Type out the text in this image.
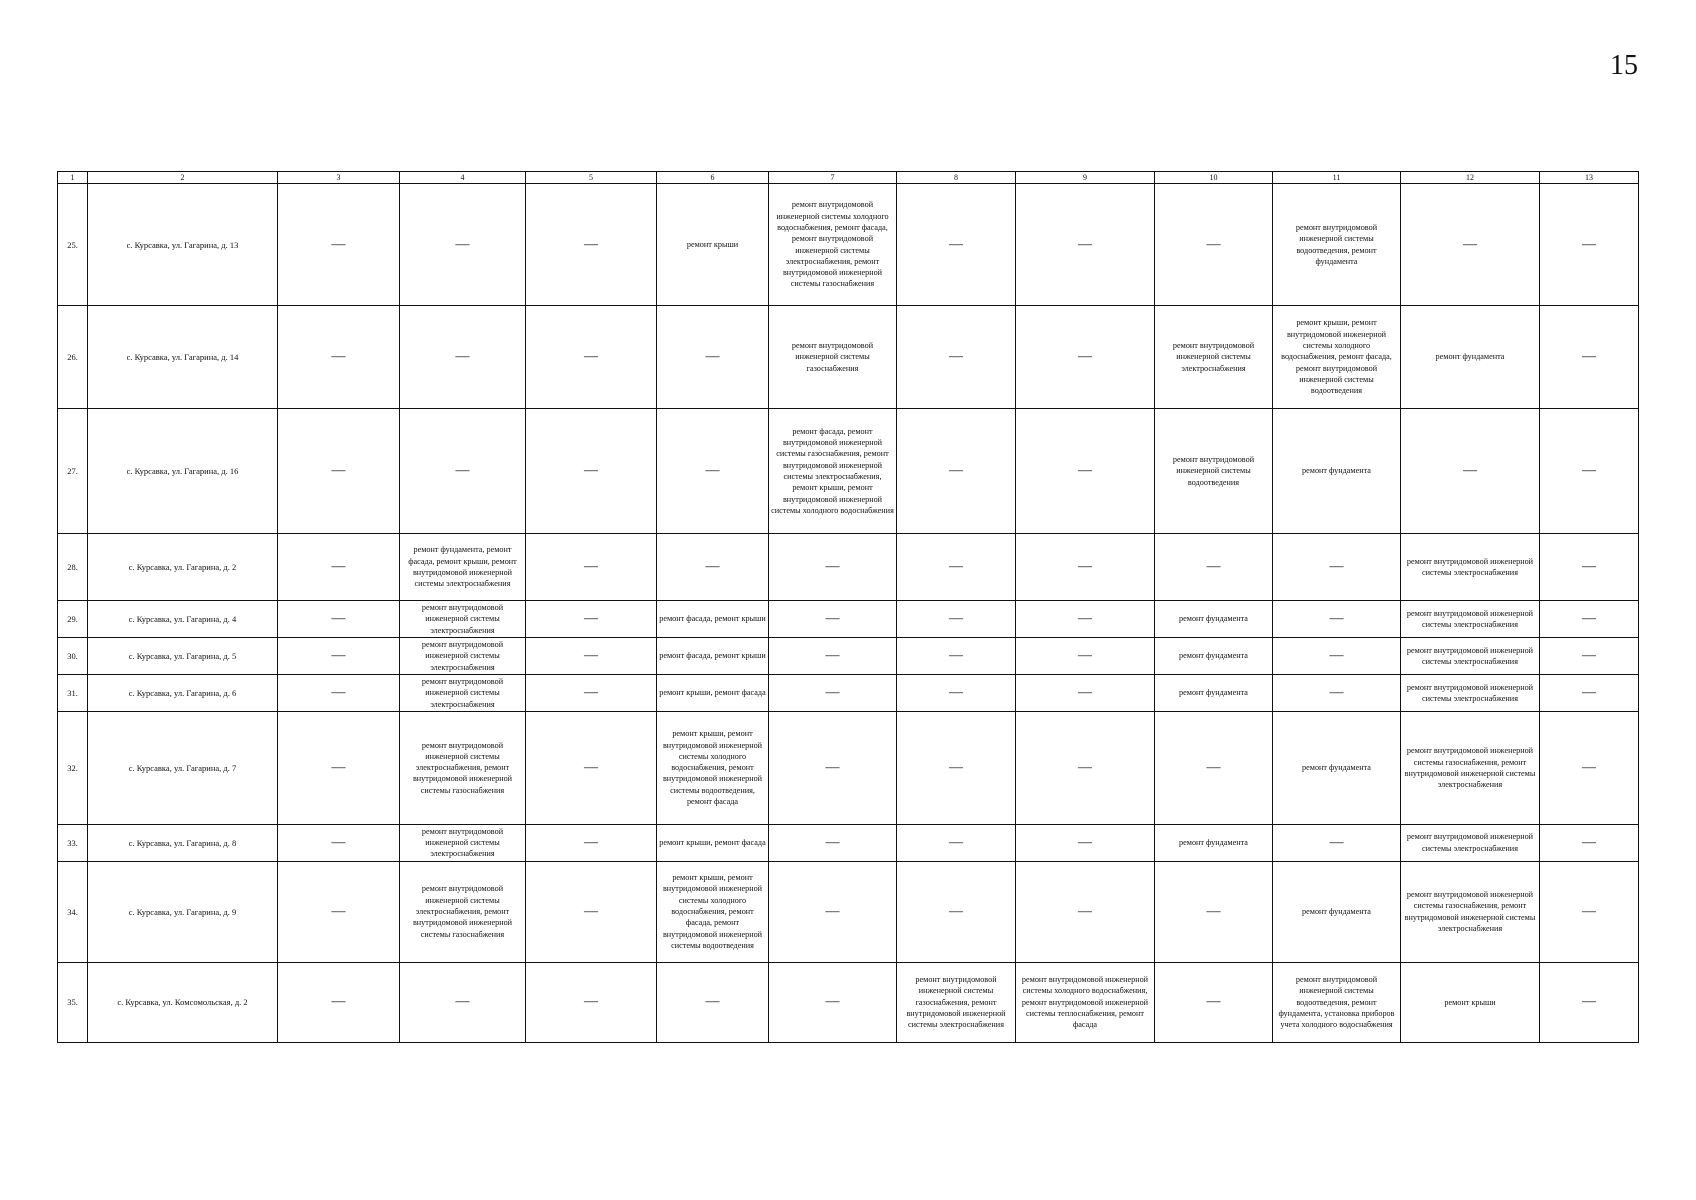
15
1	2	3	4	5	6	7	8	9	10	11	12	13
25.	с. Курсавка, ул. Гагарина, д. 13	—	—	—	ремонт крыши	ремонт внутридомовой инженерной системы холодного водоснабжения, ремонт фасада, ремонт внутридомовой инженерной системы электроснабжения, ремонт внутридомовой инженерной системы газоснабжения	—	—	—	ремонт внутридомовой инженерной системы водоотведения, ремонт фундамента	—	—
26.	с. Курсавка, ул. Гагарина, д. 14	—	—	—	—	ремонт внутридомовой инженерной системы газоснабжения	—	—	ремонт внутридомовой инженерной системы электроснабжения	ремонт крыши, ремонт внутридомовой инженерной системы холодного водоснабжения, ремонт фасада, ремонт внутридомовой инженерной системы водоотведения	ремонт фундамента	—
27.	с. Курсавка, ул. Гагарина, д. 16	—	—	—	—	ремонт фасада, ремонт внутридомовой инженерной системы газоснабжения, ремонт внутридомовой инженерной системы электроснабжения, ремонт крыши, ремонт внутридомовой инженерной системы холодного водоснабжения	—	—	ремонт внутридомовой инженерной системы водоотведения	ремонт фундамента	—	—
28.	с. Курсавка, ул. Гагарина, д. 2	—	ремонт фундамента, ремонт фасада, ремонт крыши, ремонт внутридомовой инженерной системы электроснабжения	—	—	—	—	—	—	—	ремонт внутридомовой инженерной системы электроснабжения	—
29.	с. Курсавка, ул. Гагарина, д. 4	—	ремонт внутридомовой инженерной системы электроснабжения	—	ремонт фасада, ремонт крыши	—	—	—	ремонт фундамента	—	ремонт внутридомовой инженерной системы электроснабжения	—
30.	с. Курсавка, ул. Гагарина, д. 5	—	ремонт внутридомовой инженерной системы электроснабжения	—	ремонт фасада, ремонт крыши	—	—	—	ремонт фундамента	—	ремонт внутридомовой инженерной системы электроснабжения	—
31.	с. Курсавка, ул. Гагарина, д. 6	—	ремонт внутридомовой инженерной системы электроснабжения	—	ремонт крыши, ремонт фасада	—	—	—	ремонт фундамента	—	ремонт внутридомовой инженерной системы электроснабжения	—
32.	с. Курсавка, ул. Гагарина, д. 7	—	ремонт внутридомовой инженерной системы электроснабжения, ремонт внутридомовой инженерной системы газоснабжения	—	ремонт крыши, ремонт внутридомовой инженерной системы холодного водоснабжения, ремонт внутридомовой инженерной системы водоотведения, ремонт фасада	—	—	—	—	ремонт фундамента	ремонт внутридомовой инженерной системы газоснабжения, ремонт внутридомовой инженерной системы электроснабжения	—
33.	с. Курсавка, ул. Гагарина, д. 8	—	ремонт внутридомовой инженерной системы электроснабжения	—	ремонт крыши, ремонт фасада	—	—	—	ремонт фундамента	—	ремонт внутридомовой инженерной системы электроснабжения	—
34.	с. Курсавка, ул. Гагарина, д. 9	—	ремонт внутридомовой инженерной системы электроснабжения, ремонт внутридомовой инженерной системы газоснабжения	—	ремонт крыши, ремонт внутридомовой инженерной системы холодного водоснабжения, ремонт фасада, ремонт внутридомовой инженерной системы водоотведения	—	—	—	—	ремонт фундамента	ремонт внутридомовой инженерной системы газоснабжения, ремонт внутридомовой инженерной системы электроснабжения	—
35.	с. Курсавка, ул. Комсомольская, д. 2	—	—	—	—	—	ремонт внутридомовой инженерной системы газоснабжения, ремонт внутридомовой инженерной системы электроснабжения	ремонт внутридомовой инженерной системы холодного водоснабжения, ремонт внутридомовой инженерной системы теплоснабжения, ремонт фасада	—	ремонт внутридомовой инженерной системы водоотведения, ремонт фундамента, установка приборов учета холодного водоснабжения	ремонт крыши	—
